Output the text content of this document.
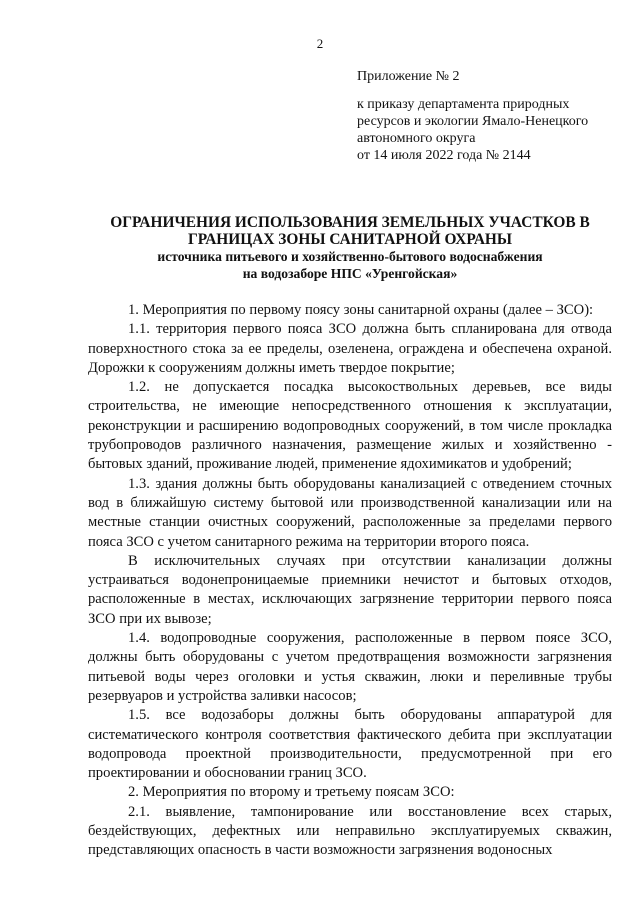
2
Приложение № 2
к приказу департамента природных
ресурсов и экологии Ямало-Ненецкого
автономного округа
от 14 июля 2022 года № 2144
ОГРАНИЧЕНИЯ ИСПОЛЬЗОВАНИЯ ЗЕМЕЛЬНЫХ УЧАСТКОВ В
ГРАНИЦАХ ЗОНЫ САНИТАРНОЙ ОХРАНЫ
источника питьевого и хозяйственно-бытового водоснабжения
на водозаборе НПС «Уренгойская»

1. Мероприятия по первому поясу зоны санитарной охраны (далее – ЗСО):

1.1. территория первого пояса ЗСО должна быть спланирована для отвода поверхностного стока за ее пределы, озеленена, ограждена и обеспечена охраной. Дорожки к сооружениям должны иметь твердое покрытие;

1.2. не допускается посадка высокоствольных деревьев, все виды строительства, не имеющие непосредственного отношения к эксплуатации, реконструкции и расширению водопроводных сооружений, в том числе прокладка трубопроводов различного назначения, размещение жилых и хозяйственно - бытовых зданий, проживание людей, применение ядохимикатов и удобрений;

1.3. здания должны быть оборудованы канализацией с отведением сточных вод в ближайшую систему бытовой или производственной канализации или на местные станции очистных сооружений, расположенные за пределами первого пояса ЗСО с учетом санитарного режима на территории второго пояса.

В исключительных случаях при отсутствии канализации должны устраиваться водонепроницаемые приемники нечистот и бытовых отходов, расположенные в местах, исключающих загрязнение территории первого пояса ЗСО при их вывозе;

1.4. водопроводные сооружения, расположенные в первом поясе ЗСО, должны быть оборудованы с учетом предотвращения возможности загрязнения питьевой воды через оголовки и устья скважин, люки и переливные трубы резервуаров и устройства заливки насосов;

1.5. все водозаборы должны быть оборудованы аппаратурой для систематического контроля соответствия фактического дебита при эксплуатации водопровода проектной производительности, предусмотренной при его проектировании и обосновании границ ЗСО.

2. Мероприятия по второму и третьему поясам ЗСО:

2.1. выявление, тампонирование или восстановление всех старых, бездействующих, дефектных или неправильно эксплуатируемых скважин, представляющих опасность в части возможности загрязнения водоносных
